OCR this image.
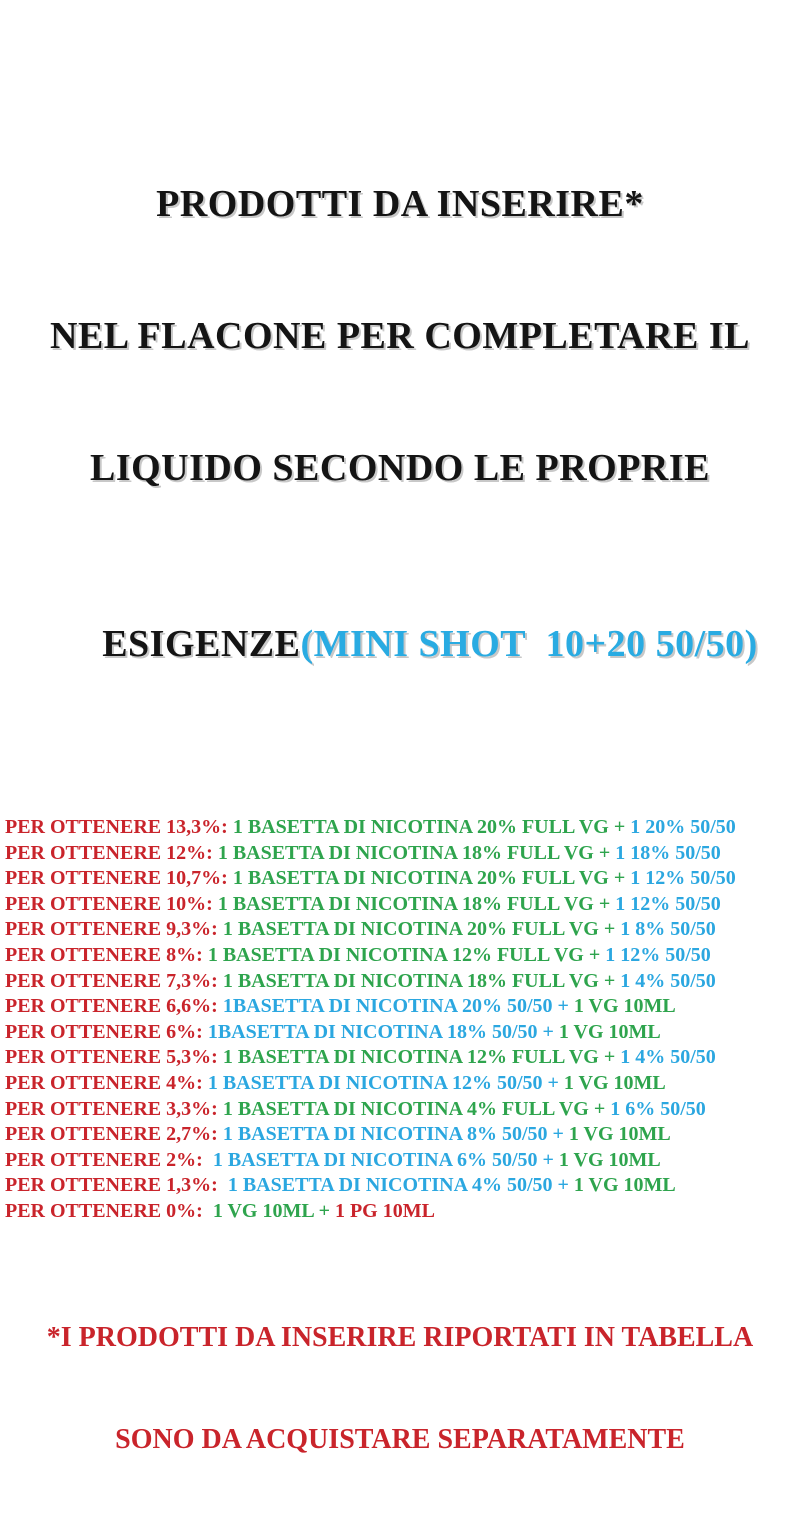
PRODOTTI DA INSERIRE*

NEL FLACONE PER COMPLETARE IL

LIQUIDO SECONDO LE PROPRIE

ESIGENZE(MINI SHOT  10+20 50/50)

PER OTTENERE 13,3%: 1 BASETTA DI NICOTINA 20% FULL VG + 1 20% 50/50
PER OTTENERE 12%: 1 BASETTA DI NICOTINA 18% FULL VG + 1 18% 50/50
PER OTTENERE 10,7%: 1 BASETTA DI NICOTINA 20% FULL VG + 1 12% 50/50
PER OTTENERE 10%: 1 BASETTA DI NICOTINA 18% FULL VG + 1 12% 50/50
PER OTTENERE 9,3%: 1 BASETTA DI NICOTINA 20% FULL VG + 1 8% 50/50
PER OTTENERE 8%: 1 BASETTA DI NICOTINA 12% FULL VG + 1 12% 50/50
PER OTTENERE 7,3%: 1 BASETTA DI NICOTINA 18% FULL VG + 1 4% 50/50
PER OTTENERE 6,6%: 1BASETTA DI NICOTINA 20% 50/50 + 1 VG 10ML
PER OTTENERE 6%: 1BASETTA DI NICOTINA 18% 50/50 + 1 VG 10ML
PER OTTENERE 5,3%: 1 BASETTA DI NICOTINA 12% FULL VG + 1 4% 50/50
PER OTTENERE 4%: 1 BASETTA DI NICOTINA 12% 50/50 + 1 VG 10ML
PER OTTENERE 3,3%: 1 BASETTA DI NICOTINA 4% FULL VG + 1 6% 50/50
PER OTTENERE 2,7%: 1 BASETTA DI NICOTINA 8% 50/50 + 1 VG 10ML
PER OTTENERE 2%:  1 BASETTA DI NICOTINA 6% 50/50 + 1 VG 10ML
PER OTTENERE 1,3%:  1 BASETTA DI NICOTINA 4% 50/50 + 1 VG 10ML
PER OTTENERE 0%:  1 VG 10ML + 1 PG 10ML

*I PRODOTTI DA INSERIRE RIPORTATI IN TABELLA

SONO DA ACQUISTARE SEPARATAMENTE
